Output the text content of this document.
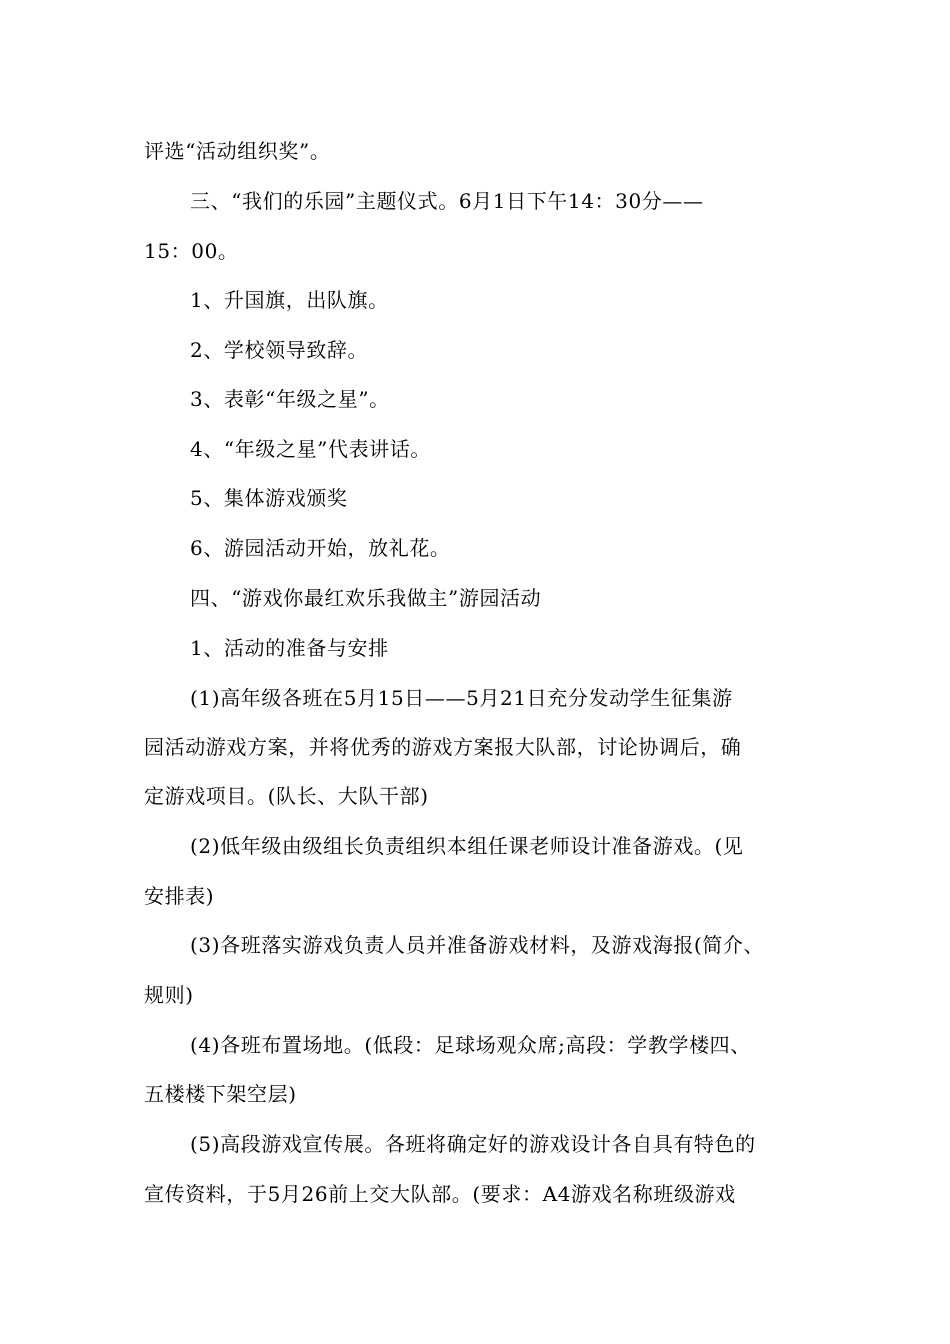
评选“活动组织奖”。
三、“我们的乐园”主题仪式。6月1日下午14：30分——
15：00。
1、升国旗，出队旗。
2、学校领导致辞。
3、表彰“年级之星”。
4、“年级之星”代表讲话。
5、集体游戏颁奖
6、游园活动开始，放礼花。
四、“游戏你最红欢乐我做主”游园活动
1、活动的准备与安排
(1)高年级各班在5月15日——5月21日充分发动学生征集游
园活动游戏方案，并将优秀的游戏方案报大队部，讨论协调后，确
定游戏项目。(队长、大队干部)
(2)低年级由级组长负责组织本组任课老师设计准备游戏。(见
安排表)
(3)各班落实游戏负责人员并准备游戏材料，及游戏海报(简介、
规则)
(4)各班布置场地。(低段：足球场观众席;高段：学教学楼四、
五楼楼下架空层)
(5)高段游戏宣传展。各班将确定好的游戏设计各自具有特色的
宣传资料，于5月26前上交大队部。(要求：A4游戏名称班级游戏
